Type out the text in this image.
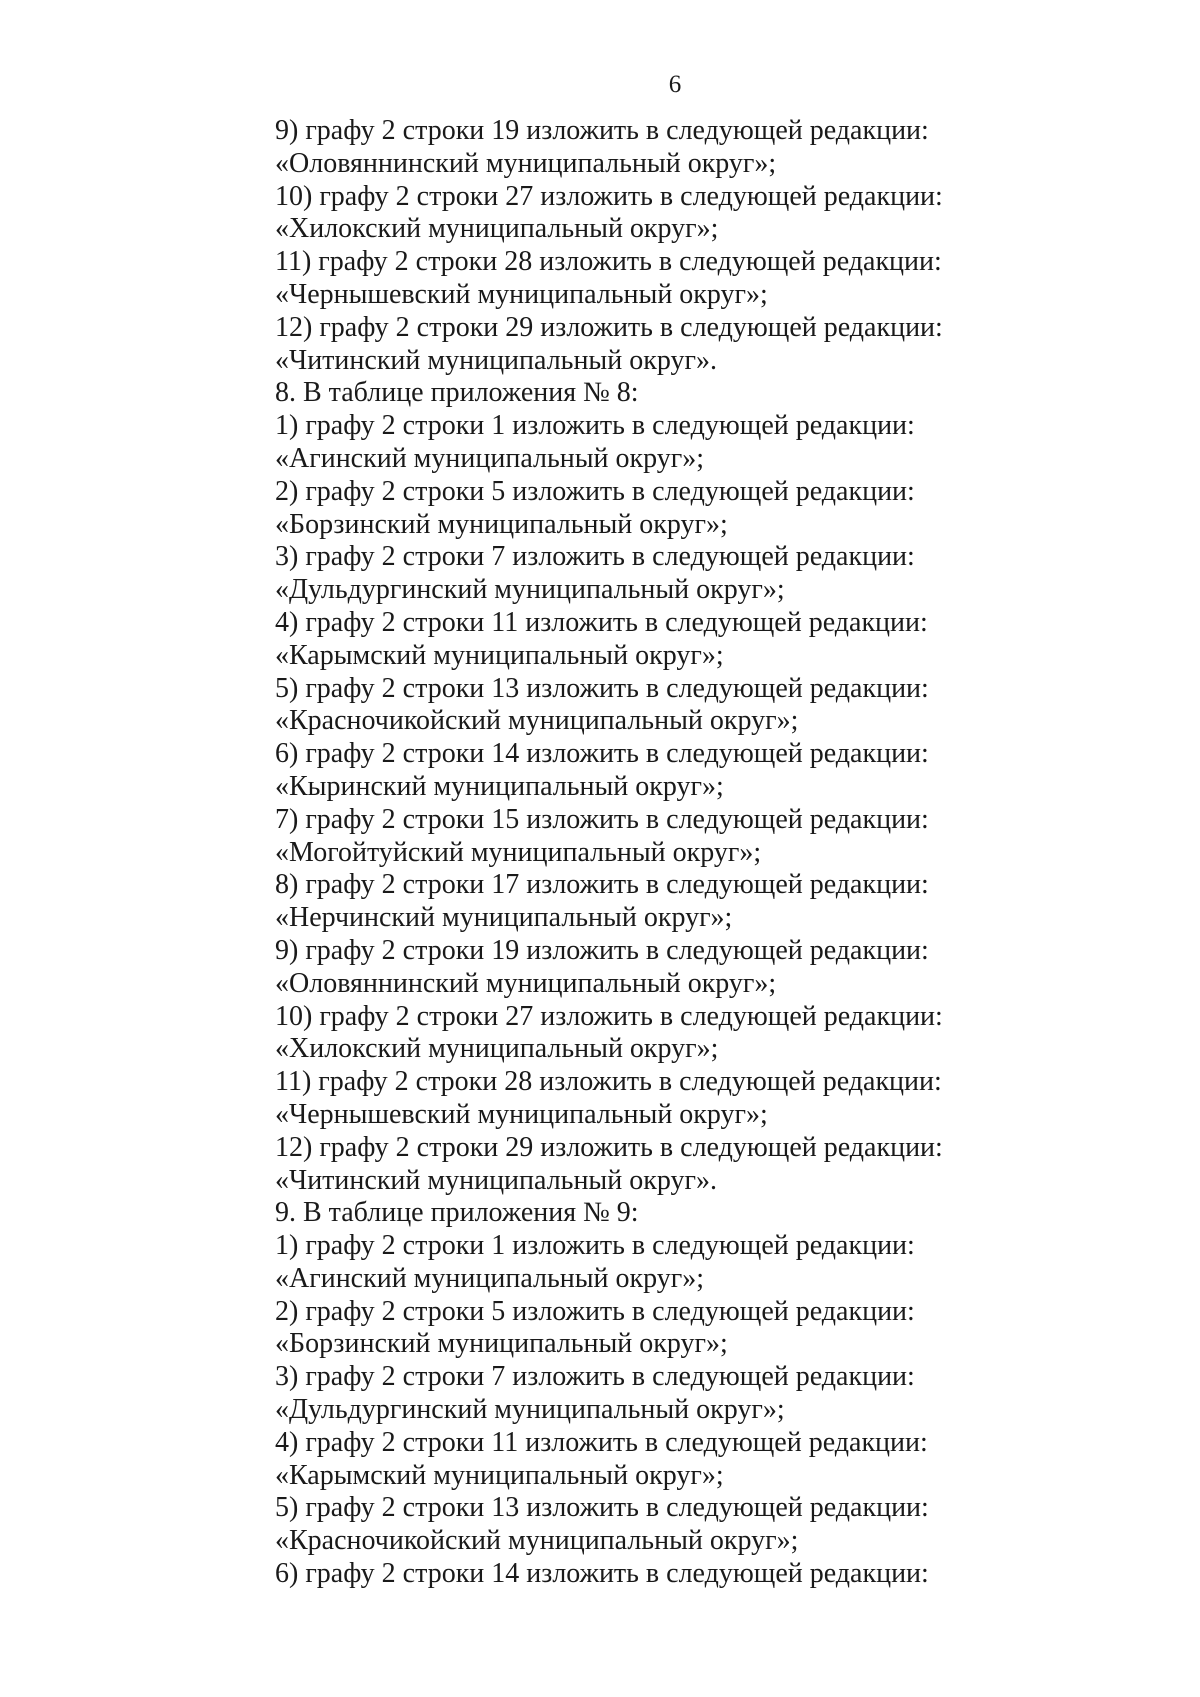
6
9) графу 2 строки 19 изложить в следующей редакции:
«Оловяннинский муниципальный округ»;
10) графу 2 строки 27 изложить в следующей редакции:
«Хилокский муниципальный округ»;
11) графу 2 строки 28 изложить в следующей редакции:
«Чернышевский муниципальный округ»;
12) графу 2 строки 29 изложить в следующей редакции:
«Читинский муниципальный округ».
8. В таблице приложения № 8:
1) графу 2 строки 1 изложить в следующей редакции:
«Агинский муниципальный округ»;
2) графу 2 строки 5 изложить в следующей редакции:
«Борзинский муниципальный округ»;
3) графу 2 строки 7 изложить в следующей редакции:
«Дульдургинский муниципальный округ»;
4) графу 2 строки 11 изложить в следующей редакции:
«Карымский муниципальный округ»;
5) графу 2 строки 13 изложить в следующей редакции:
«Красночикойский муниципальный округ»;
6) графу 2 строки 14 изложить в следующей редакции:
«Кыринский муниципальный округ»;
7) графу 2 строки 15 изложить в следующей редакции:
«Могойтуйский муниципальный округ»;
8) графу 2 строки 17 изложить в следующей редакции:
«Нерчинский муниципальный округ»;
9) графу 2 строки 19 изложить в следующей редакции:
«Оловяннинский муниципальный округ»;
10) графу 2 строки 27 изложить в следующей редакции:
«Хилокский муниципальный округ»;
11) графу 2 строки 28 изложить в следующей редакции:
«Чернышевский муниципальный округ»;
12) графу 2 строки 29 изложить в следующей редакции:
«Читинский муниципальный округ».
9. В таблице приложения № 9:
1) графу 2 строки 1 изложить в следующей редакции:
«Агинский муниципальный округ»;
2) графу 2 строки 5 изложить в следующей редакции:
«Борзинский муниципальный округ»;
3) графу 2 строки 7 изложить в следующей редакции:
«Дульдургинский муниципальный округ»;
4) графу 2 строки 11 изложить в следующей редакции:
«Карымский муниципальный округ»;
5) графу 2 строки 13 изложить в следующей редакции:
«Красночикойский муниципальный округ»;
6) графу 2 строки 14 изложить в следующей редакции:
